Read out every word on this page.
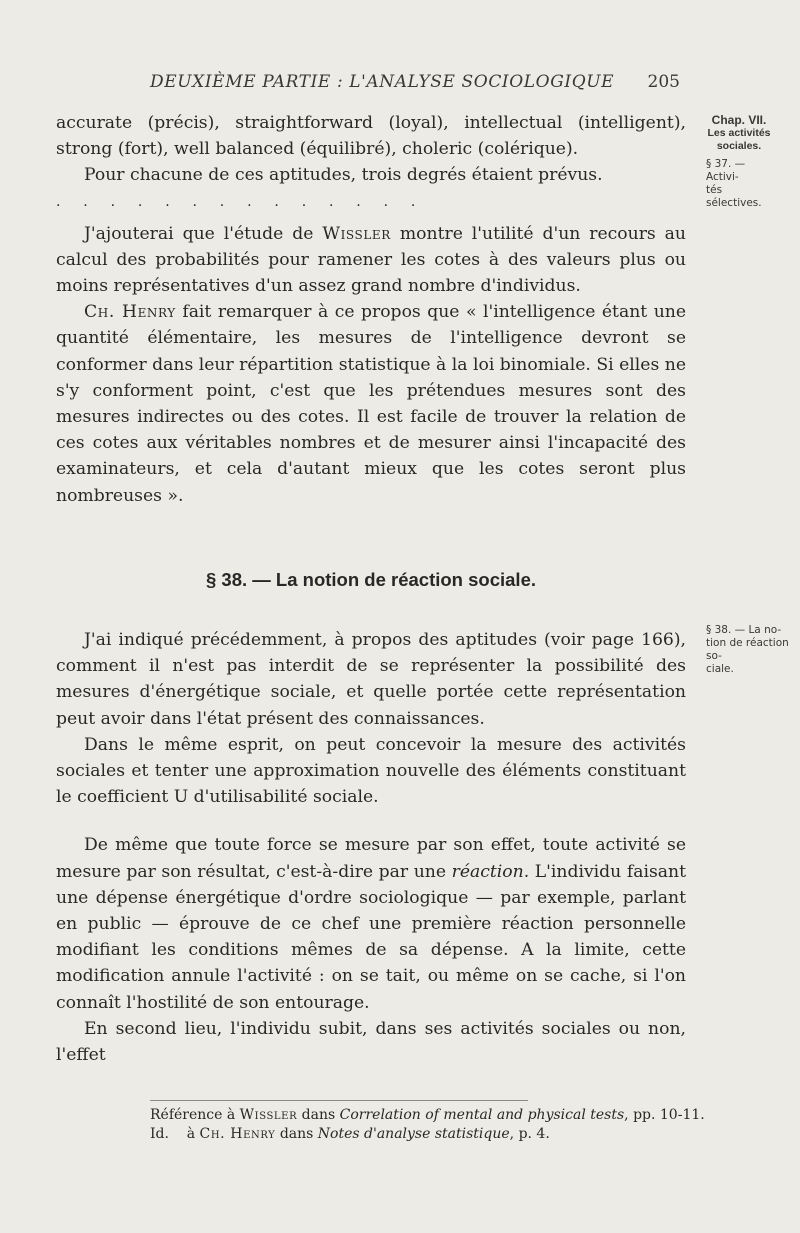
DEUXIÈME PARTIE : L'ANALYSE SOCIOLOGIQUE	205
Chap. VII.
Les activités
sociales.
§ 37. — Activi-
tés sélectives.
§ 38. — La no-
tion de réaction so-
ciale.

accurate (précis), straightforward (loyal), intellectual (intelligent), strong (fort), well balanced (équilibré), choleric (colérique).

Pour chacune de ces aptitudes, trois degrés étaient prévus.

. . . . . . . . . . . . . .

J'ajouterai que l'étude de Wissler montre l'utilité d'un recours au calcul des probabilités pour ramener les cotes à des valeurs plus ou moins représentatives d'un assez grand nombre d'individus.

Ch. Henry fait remarquer à ce propos que « l'intelligence étant une quantité élémentaire, les mesures de l'intelligence devront se conformer dans leur répartition statistique à la loi binomiale. Si elles ne s'y conforment point, c'est que les prétendues mesures sont des mesures indirectes ou des cotes. Il est facile de trouver la relation de ces cotes aux véritables nombres et de mesurer ainsi l'incapacité des examinateurs, et cela d'autant mieux que les cotes seront plus nombreuses ».

§ 38. — La notion de réaction sociale.

J'ai indiqué précédemment, à propos des aptitudes (voir page 166), comment il n'est pas interdit de se représenter la possibilité des mesures d'énergétique sociale, et quelle portée cette représentation peut avoir dans l'état présent des connaissances.

Dans le même esprit, on peut concevoir la mesure des activités sociales et tenter une approximation nouvelle des éléments constituant le coefficient U d'utilisabilité sociale.

De même que toute force se mesure par son effet, toute activité se mesure par son résultat, c'est-à-dire par une réaction. L'individu faisant une dépense énergétique d'ordre sociologique — par exemple, parlant en public — éprouve de ce chef une première réaction personnelle modifiant les conditions mêmes de sa dépense. A la limite, cette modification annule l'activité : on se tait, ou même on se cache, si l'on connaît l'hostilité de son entourage.

En second lieu, l'individu subit, dans ses activités sociales ou non, l'effet

Référence à Wissler dans Correlation of mental and physical tests, pp. 10-11.
Id.    à Ch. Henry dans Notes d'analyse statistique, p. 4.
